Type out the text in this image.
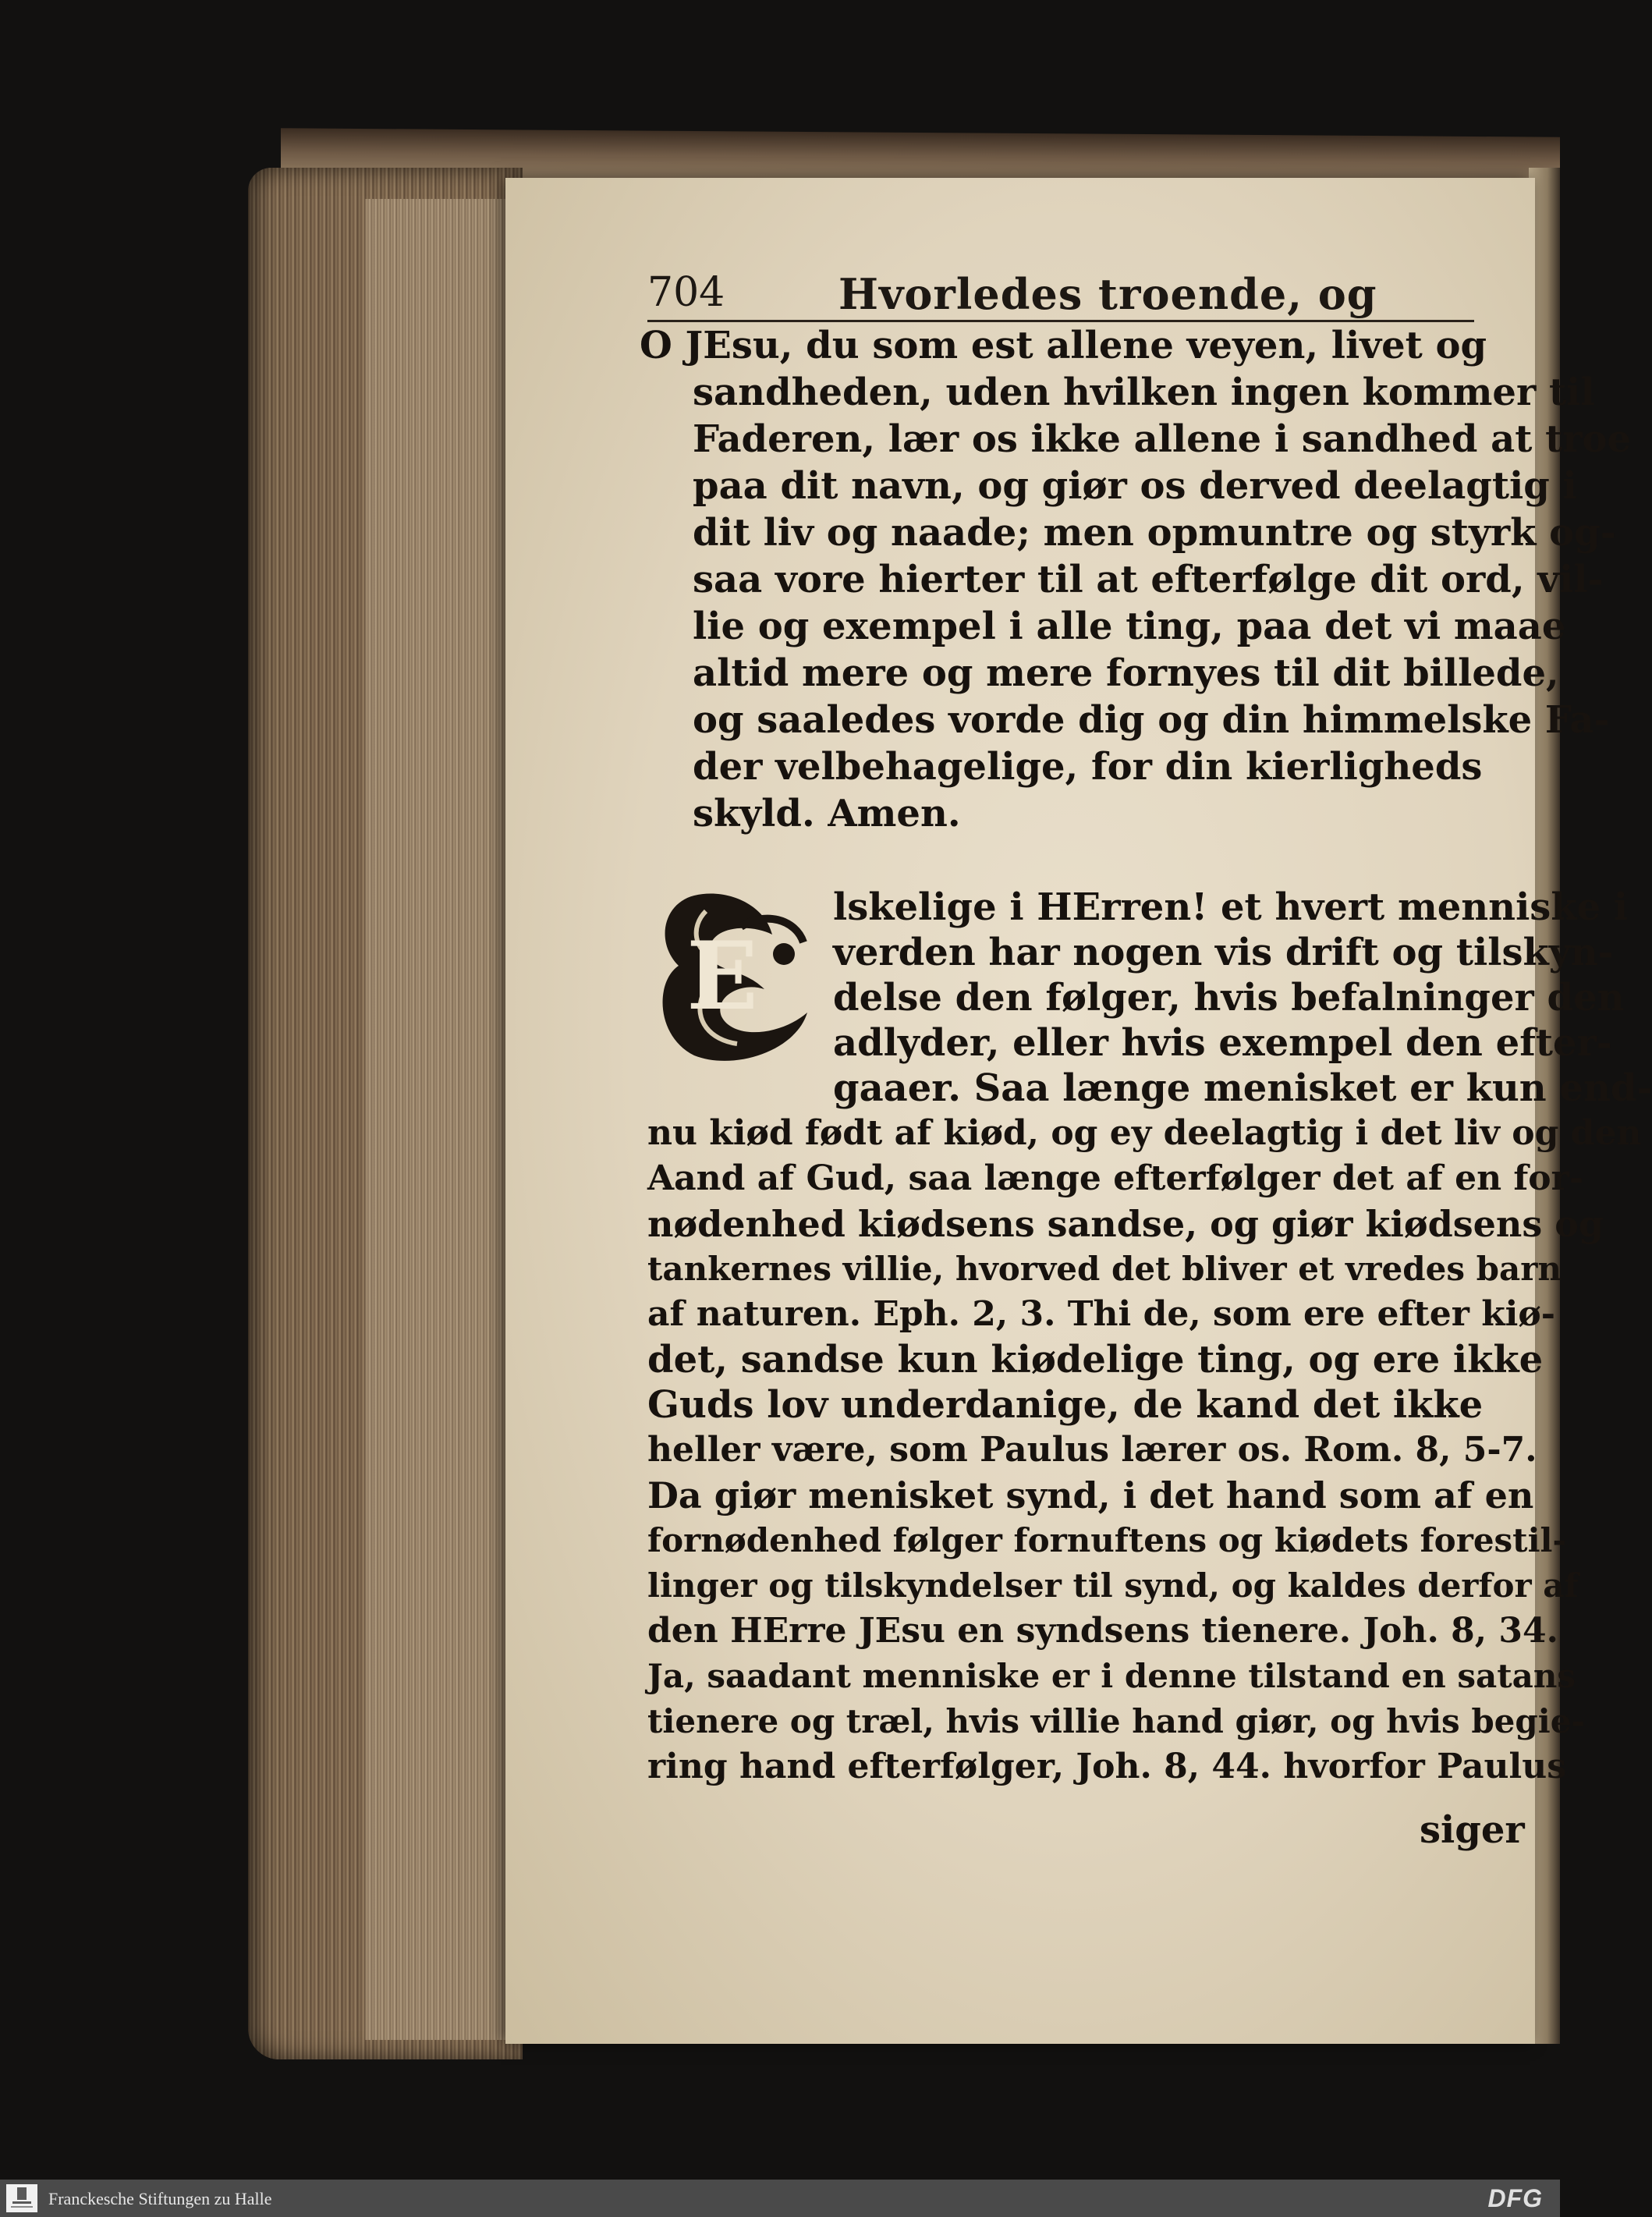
704	Hvorledes troende, og
O JEsu, du som est allene veyen, livet og
sandheden, uden hvilken ingen kommer til
Faderen, lær os ikke allene i sandhed at troe
paa dit navn, og giør os derved deelagtig i
dit liv og naade; men opmuntre og styrk og-
saa vore hierter til at efterfølge dit ord, vil-
lie og exempel i alle ting, paa det vi maae
altid mere og mere fornyes til dit billede,
og saaledes vorde dig og din himmelske Fa-
der velbehagelige, for din kierligheds
skyld. Amen.
E
lskelige i HErren! et hvert menniske i
verden har nogen vis drift og tilskyn-
delse den følger, hvis befalninger den
adlyder, eller hvis exempel den efter-
gaaer. Saa længe menisket er kun end-
nu kiød født af kiød, og ey deelagtig i det liv og den
Aand af Gud, saa længe efterfølger det af en for-
nødenhed kiødsens sandse, og giør kiødsens og
tankernes villie, hvorved det bliver et vredes barn
af naturen. Eph. 2, 3. Thi de, som ere efter kiø-
det, sandse kun kiødelige ting, og ere ikke
Guds lov underdanige, de kand det ikke
heller være, som Paulus lærer os. Rom. 8, 5-7.
Da giør menisket synd, i det hand som af en
fornødenhed følger fornuftens og kiødets forestil-
linger og tilskyndelser til synd, og kaldes derfor af
den HErre JEsu en syndsens tienere. Joh. 8, 34.
Ja, saadant menniske er i denne tilstand en satans
tienere og træl, hvis villie hand giør, og hvis begie-
ring hand efterfølger, Joh. 8, 44. hvorfor Paulus
siger
Franckesche Stiftungen zu Halle	DFG
